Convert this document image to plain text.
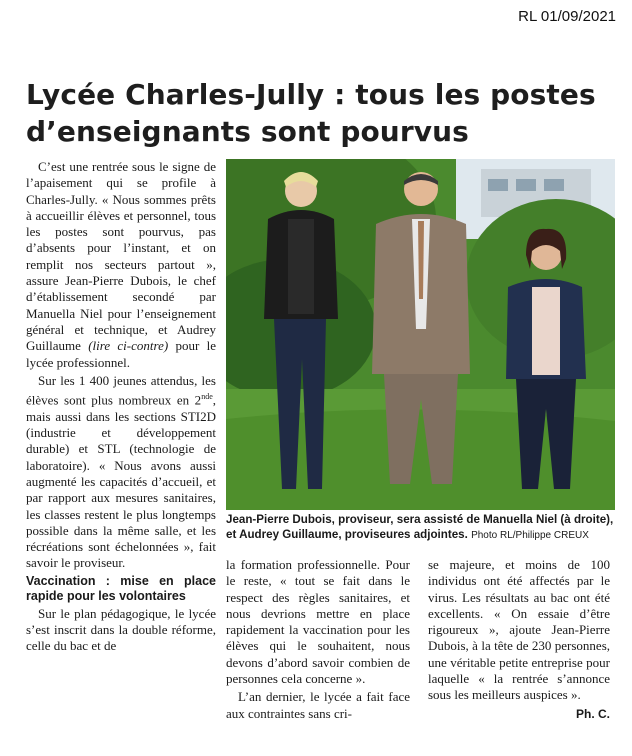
RL 01/09/2021
Lycée Charles-Jully : tous les postes
d’enseignants sont pourvus

C’est une rentrée sous le signe de l’apaisement qui se profile à Charles-Jully. « Nous sommes prêts à accueillir élèves et personnel, tous les postes sont pourvus, pas d’absents pour l’instant, et on remplit nos secteurs partout », assure Jean-Pierre Dubois, le chef d’établissement secondé par Manuella Niel pour l’enseignement général et technique, et Audrey Guillaume (lire ci-contre) pour le lycée professionnel.

Sur les 1 400 jeunes attendus, les élèves sont plus nombreux en 2nde, mais aussi dans les sections STI2D (industrie et développement durable) et STL (technologie de laboratoire). « Nous avons aussi augmenté les capacités d’accueil, et par rapport aux mesures sanitaires, les classes restent le plus longtemps possible dans la même salle, et les récréations sont échelonnées », fait savoir le proviseur.

Vaccination : mise en place rapide pour les volontaires

Sur le plan pédagogique, le lycée s’est inscrit dans la double réforme, celle du bac et de

Jean-Pierre Dubois, proviseur, sera assisté de Manuella Niel (à droite), et Audrey Guillaume, proviseures adjointes. Photo RL/Philippe CREUX

la formation professionnelle. Pour le reste, « tout se fait dans le respect des règles sanitaires, et nous devrions mettre en place rapidement la vaccination pour les élèves qui le souhaitent, nous devons d’abord savoir combien de personnes cela concerne ».

L’an dernier, le lycée a fait face aux contraintes sans cri-

se majeure, et moins de 100 individus ont été affectés par le virus. Les résultats au bac ont été excellents. « On essaie d’être rigoureux », ajoute Jean-Pierre Dubois, à la tête de 230 personnes, une véritable petite entreprise pour laquelle « la rentrée s’annonce sous les meilleurs auspices ».

Ph. C.
